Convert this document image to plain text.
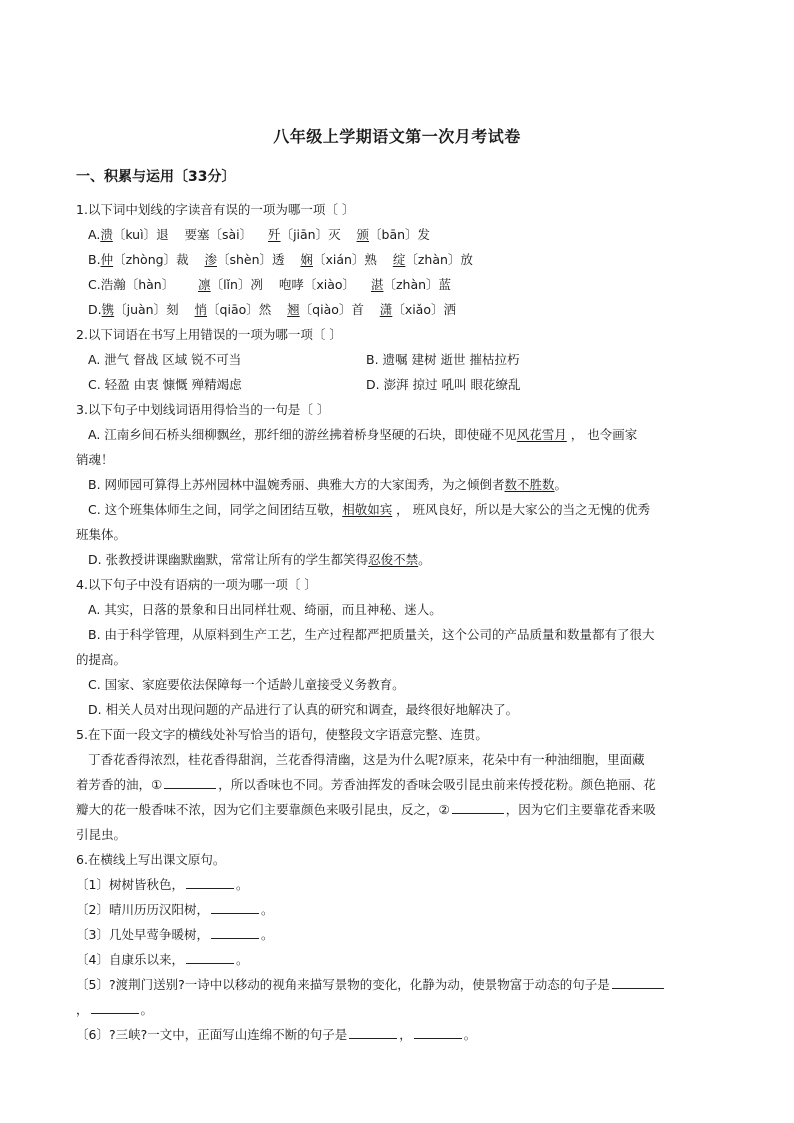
八年级上学期语文第一次月考试卷
一、积累与运用〔33分〕
1.以下词中划线的字读音有误的一项为哪一项〔 〕
A.溃〔kuì〕退 要塞〔sài〕 歼〔jiān〕灭 颁〔bān〕发
B.仲〔zhòng〕裁 渗〔shèn〕透 娴〔xián〕熟 绽〔zhàn〕放
C.浩瀚〔hàn〕 凛〔lǐn〕冽 咆哮〔xiào〕 湛〔zhàn〕蓝
D.镌〔juàn〕刻 悄〔qiāo〕然 翘〔qiào〕首 潇〔xiǎo〕洒
2.以下词语在书写上用错误的一项为哪一项〔 〕
A. 泄气 督战 区域 锐不可当	B. 遗嘱 建树 逝世 摧枯拉朽
C. 轻盈 由衷 慷慨 殚精竭虑	D. 澎湃 掠过 吼叫 眼花缭乱
3.以下句子中划线词语用得恰当的一句是〔 〕
A. 江南乡间石桥头细柳飘丝，那纤细的游丝拂着桥身坚硬的石块，即使碰不见风花雪月 ， 也令画家
销魂！
B. 网师园可算得上苏州园林中温婉秀丽、典雅大方的大家闺秀，为之倾倒者数不胜数。
C. 这个班集体师生之间，同学之间团结互敬，相敬如宾 ， 班风良好，所以是大家公的当之无愧的优秀
班集体。
D. 张教授讲课幽默幽默，常常让所有的学生都笑得忍俊不禁。
4.以下句子中没有语病的一项为哪一项〔 〕
A. 其实，日落的景象和日出同样壮观、绮丽，而且神秘、迷人。
B. 由于科学管理，从原料到生产工艺，生产过程都严把质量关，这个公司的产品质量和数量都有了很大
的提高。
C. 国家、家庭要依法保障每一个适龄儿童接受义务教育。
D. 相关人员对出现问题的产品进行了认真的研究和调查，最终很好地解决了。
5.在下面一段文字的横线处补写恰当的语句，使整段文字语意完整、连贯。
丁香花香得浓烈，桂花香得甜润，兰花香得清幽，这是为什么呢?原来，花朵中有一种油细胞，里面藏
着芳香的油，①	，所以香味也不同。芳香油挥发的香味会吸引昆虫前来传授花粉。颜色艳丽、花
瓣大的花一般香味不浓，因为它们主要靠颜色来吸引昆虫，反之，②	，因为它们主要靠花香来吸
引昆虫。
6.在横线上写出课文原句。
〔1〕树树皆秋色，	。
〔2〕晴川历历汉阳树，	。
〔3〕几处早莺争暖树，	。
〔4〕自康乐以来，	。
〔5〕?渡荆门送别?一诗中以移动的视角来描写景物的变化，化静为动，使景物富于动态的句子是
，	。
〔6〕?三峡?一文中，正面写山连绵不断的句子是	，	。
